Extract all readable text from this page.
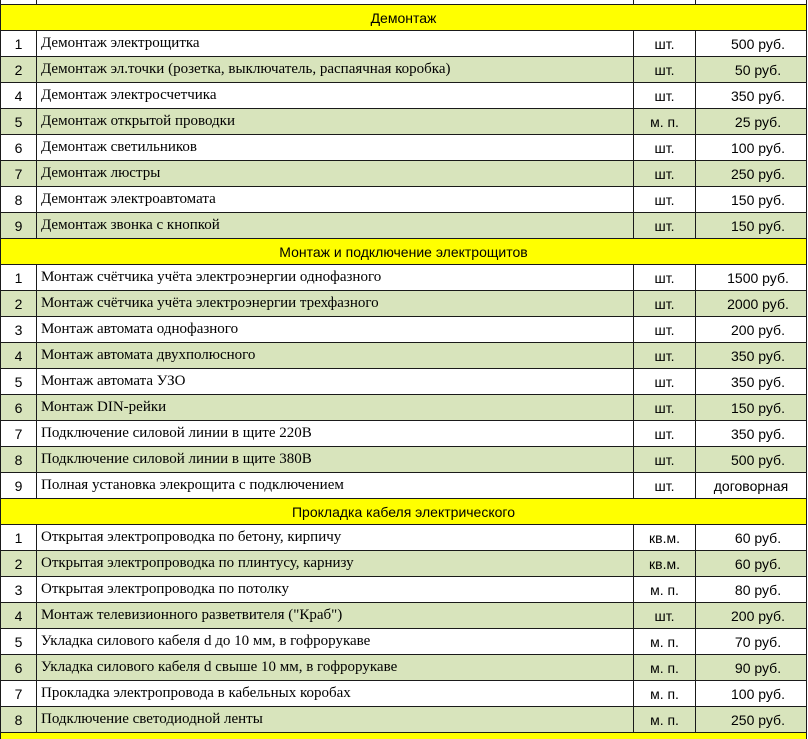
Демонтаж			
1	Демонтаж электрощитка	шт.	500 руб.
2	Демонтаж эл.точки (розетка, выключатель, распаячная коробка)	шт.	50 руб.
4	Демонтаж электросчетчика	шт.	350 руб.
5	Демонтаж открытой проводки	м. п.	25 руб.
6	Демонтаж светильников	шт.	100 руб.
7	Демонтаж люстры	шт.	250 руб.
8	Демонтаж электроавтомата	шт.	150 руб.
9	Демонтаж звонка с кнопкой	шт.	150 руб.
Монтаж и подключение электрощитов			
1	Монтаж счётчика учёта электроэнергии однофазного	шт.	1500 руб.
2	Монтаж счётчика учёта электроэнергии трехфазного	шт.	2000 руб.
3	Монтаж автомата однофазного	шт.	200 руб.
4	Монтаж автомата двухполюсного	шт.	350 руб.
5	Монтаж автомата УЗО	шт.	350 руб.
6	Монтаж DIN-рейки	шт.	150 руб.
7	Подключение силовой линии в щите 220В	шт.	350 руб.
8	Подключение силовой линии в щите 380В	шт.	500 руб.
9	Полная установка элекрощита с подключением	шт.	договорная
Прокладка кабеля электрического			
1	Открытая электропроводка по бетону, кирпичу	кв.м.	60 руб.
2	Открытая электропроводка по плинтусу, карнизу	кв.м.	60 руб.
3	Открытая электропроводка по потолку	м. п.	80 руб.
4	Монтаж телевизионного разветвителя ("Краб")	шт.	200 руб.
5	Укладка силового кабеля d до 10 мм, в гофрорукаве	м. п.	70 руб.
6	Укладка силового кабеля d свыше 10 мм, в гофрорукаве	м. п.	90 руб.
7	Прокладка электропровода в кабельных коробах	м. п.	100 руб.
8	Подключение светодиодной ленты	м. п.	250 руб.
